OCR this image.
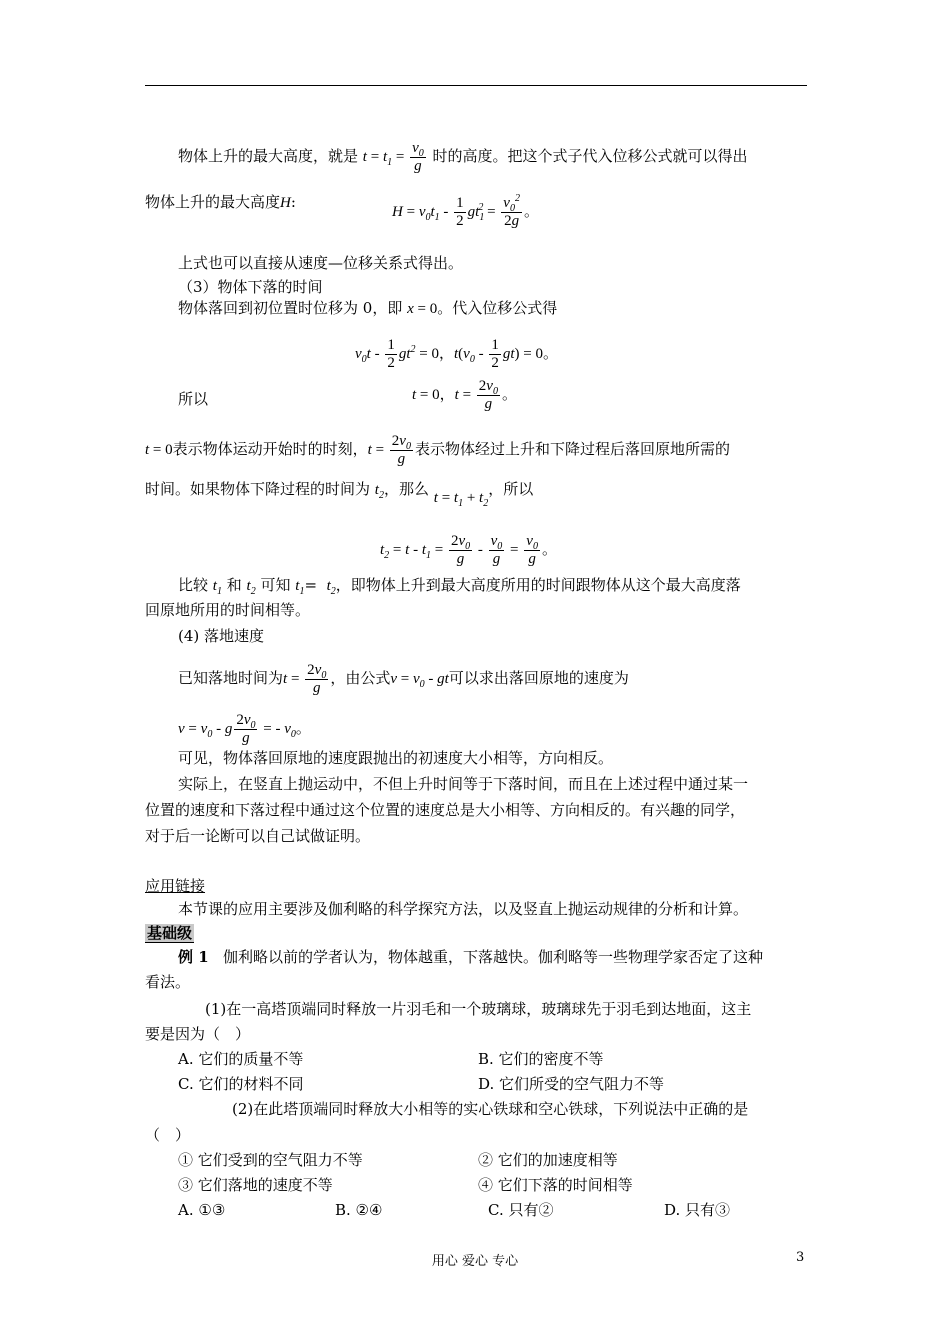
物体上升的最大高度，就是 $t = t_1 = \frac{v_0}{g}$ 时的高度。把这个式子代入位移公式就可以得出
物体上升的最大高度H:
$H = v_0t_1 - \frac{1}{2} gt_1^2 = \frac{v_0^2}{2g}$ 。
上式也可以直接从速度—位移关系式得出。
（3）物体下落的时间
物体落回到初位置时位移为 0，即 x = 0。代入位移公式得
$v_0t - \frac{1}{2} gt^2 = 0$，$t(v_0 - \frac{1}{2} gt) = 0$。
所以	t = 0，$t = \frac{2v_0}{g}$ 。
t = 0表示物体运动开始时的时刻，$t = \frac{2v_0}{g}$ 表示物体经过上升和下降过程后落回原地所需的
时间。如果物体下降过程的时间为 $t_2$，那么 $t = t_1 + t_2$，所以
$t_2 = t - t_1 = \frac{2v_0}{g} - \frac{v_0}{g} = \frac{v_0}{g}$ 。
比较 $t_1$ 和 $t_2$ 可知 $t_1= t_2$，即物体上升到最大高度所用的时间跟物体从这个最大高度落
回原地所用的时间相等。
(4) 落地速度
已知落地时间为$t = \frac{2v_0}{g}$ ，由公式$v = v_0$ - gt可以求出落回原地的速度为
$v = v_0 - g \frac{2v_0}{g}$ = - $v_0$。
可见，物体落回原地的速度跟抛出的初速度大小相等，方向相反。
实际上，在竖直上抛运动中，不但上升时间等于下落时间，而且在上述过程中通过某一
位置的速度和下落过程中通过这个位置的速度总是大小相等、方向相反的。有兴趣的同学，
对于后一论断可以自己试做证明。
应用链接
本节课的应用主要涉及伽利略的科学探究方法，以及竖直上抛运动规律的分析和计算。
基础级
例 1 伽利略以前的学者认为，物体越重，下落越快。伽利略等一些物理学家否定了这种
看法。
(1)在一高塔顶端同时释放一片羽毛和一个玻璃球，玻璃球先于羽毛到达地面，这主
要是因为（　）
A. 它们的质量不等	B. 它们的密度不等
C. 它们的材料不同	D. 它们所受的空气阻力不等
(2)在此塔顶端同时释放大小相等的实心铁球和空心铁球，下列说法中正确的是
（　）
① 它们受到的空气阻力不等	② 它们的加速度相等
③ 它们落地的速度不等	④ 它们下落的时间相等
A. ①③	B. ②④	C. 只有②	D. 只有③
用心 爱心 专心	3
